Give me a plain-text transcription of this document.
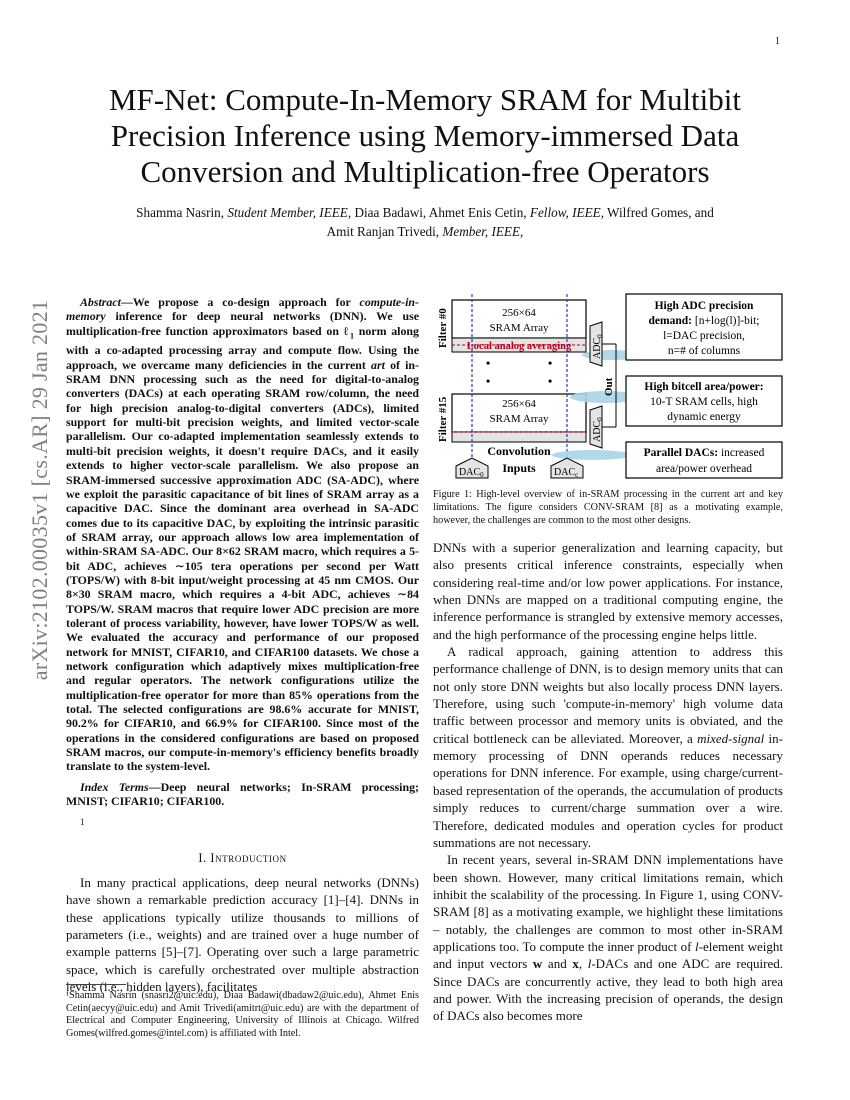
1
arXiv:2102.00035v1 [cs.AR] 29 Jan 2021
MF-Net: Compute-In-Memory SRAM for Multibit Precision Inference using Memory-immersed Data Conversion and Multiplication-free Operators
Shamma Nasrin, Student Member, IEEE, Diaa Badawi, Ahmet Enis Cetin, Fellow, IEEE, Wilfred Gomes, and
Amit Ranjan Trivedi, Member, IEEE,

Abstract—We propose a co-design approach for compute-in-memory inference for deep neural networks (DNN). We use multiplication-free function approximators based on ℓ$_1$ norm along with a co-adapted processing array and compute flow. Using the approach, we overcame many deficiencies in the current art of in-SRAM DNN processing such as the need for digital-to-analog converters (DACs) at each operating SRAM row/column, the need for high precision analog-to-digital converters (ADCs), limited support for multi-bit precision weights, and limited vector-scale parallelism. Our co-adapted implementation seamlessly extends to multi-bit precision weights, it doesn't require DACs, and it easily extends to higher vector-scale parallelism. We also propose an SRAM-immersed successive approximation ADC (SA-ADC), where we exploit the parasitic capacitance of bit lines of SRAM array as a capacitive DAC. Since the dominant area overhead in SA-ADC comes due to its capacitive DAC, by exploiting the intrinsic parasitic of SRAM array, our approach allows low area implementation of within-SRAM SA-ADC. Our 8×62 SRAM macro, which requires a 5-bit ADC, achieves ∼105 tera operations per second per Watt (TOPS/W) with 8-bit input/weight processing at 45 nm CMOS. Our 8×30 SRAM macro, which requires a 4-bit ADC, achieves ∼84 TOPS/W. SRAM macros that require lower ADC precision are more tolerant of process variability, however, have lower TOPS/W as well. We evaluated the accuracy and performance of our proposed network for MNIST, CIFAR10, and CIFAR100 datasets. We chose a network configuration which adaptively mixes multiplication-free and regular operators. The network configurations utilize the multiplication-free operator for more than 85% operations from the total. The selected configurations are 98.6% accurate for MNIST, 90.2% for CIFAR10, and 66.9% for CIFAR100. Since most of the operations in the considered configurations are based on proposed SRAM macros, our compute-in-memory's efficiency benefits broadly translate to the system-level.

Index Terms—Deep neural networks; In-SRAM processing; MNIST; CIFAR10; CIFAR100.

1
I. Introduction

In many practical applications, deep neural networks (DNNs) have shown a remarkable prediction accuracy [1]–[4]. DNNs in these applications typically utilize thousands to millions of parameters (i.e., weights) and are trained over a huge number of example patterns [5]–[7]. Operating over such a large parametric space, which is carefully orchestrated over multiple abstraction levels (i.e., hidden layers), facilitates

¹Shamma Nasrin (snasri2@uic.edu), Diaa Badawi(dbadaw2@uic.edu), Ahmet Enis Cetin(aecyy@uic.edu) and Amit Trivedi(amitrt@uic.edu) are with the department of Electrical and Computer Engineering, University of Illinois at Chicago. Wilfred Gomes(wilfred.gomes@intel.com) is affiliated with Intel.
Filter #0
Filter #15
256×64
SRAM Array
Local analog averaging
•	•
•	•
256×64
SRAM Array
$ADC_0$
$ADC_0$
Out
Convolution
Inputs
$DAC_0$	$DAC_c$
High ADC precision
demand: [n+log(l)]-bit;
l=DAC precision,
n=# of columns
High bitcell area/power:
10-T SRAM cells, high
dynamic energy
Parallel DACs: increased
area/power overhead
Figure 1: High-level overview of in-SRAM processing in the current art and key limitations. The figure considers CONV-SRAM [8] as a motivating example, however, the challenges are common to the most other designs.

DNNs with a superior generalization and learning capacity, but also presents critical inference constraints, especially when considering real-time and/or low power applications. For instance, when DNNs are mapped on a traditional computing engine, the inference performance is strangled by extensive memory accesses, and the high performance of the processing engine helps little.

A radical approach, gaining attention to address this performance challenge of DNN, is to design memory units that can not only store DNN weights but also locally process DNN layers. Therefore, using such 'compute-in-memory' high volume data traffic between processor and memory units is obviated, and the critical bottleneck can be alleviated. Moreover, a mixed-signal in-memory processing of DNN operands reduces necessary operations for DNN inference. For example, using charge/current-based representation of the operands, the accumulation of products simply reduces to current/charge summation over a wire. Therefore, dedicated modules and operation cycles for product summations are not necessary.

In recent years, several in-SRAM DNN implementations have been shown. However, many critical limitations remain, which inhibit the scalability of the processing. In Figure 1, using CONV-SRAM [8] as a motivating example, we highlight these limitations – notably, the challenges are common to most other in-SRAM applications too. To compute the inner product of l-element weight and input vectors w and x, l-DACs and one ADC are required. Since DACs are concurrently active, they lead to both high area and power. With the increasing precision of operands, the design of DACs also becomes more
